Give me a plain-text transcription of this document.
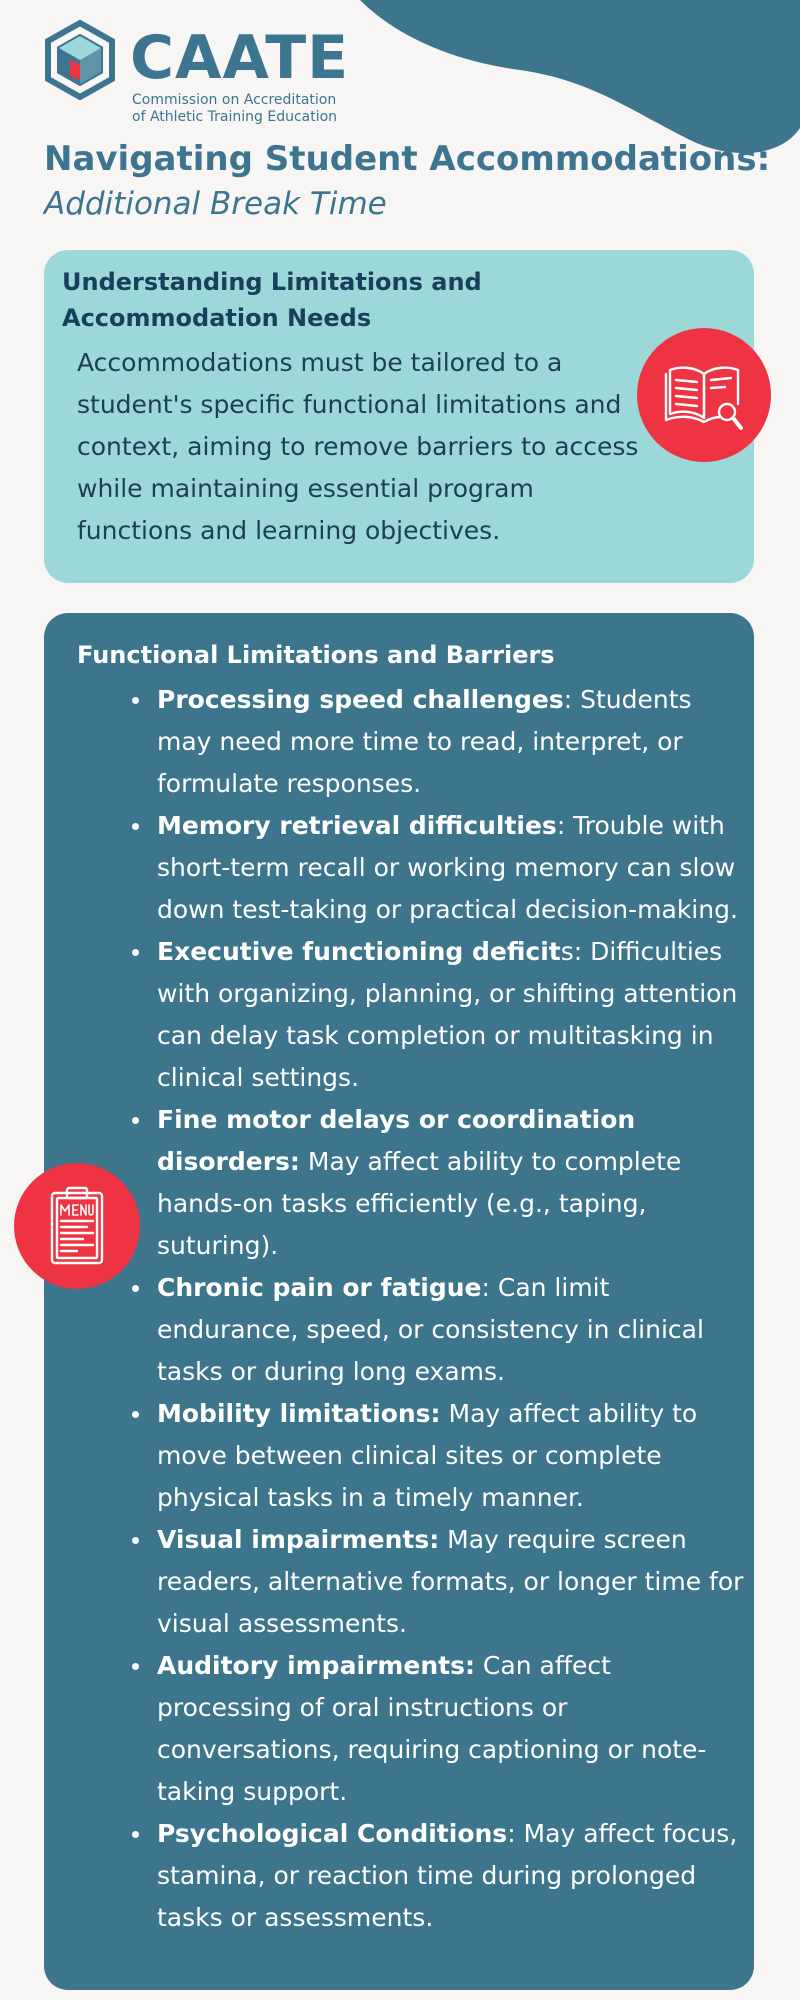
CAATE
Commission on Accreditation
of Athletic Training Education
Navigating Student Accommodations:
Additional Break Time
Understanding Limitations and Accommodation Needs

Accommodations must be tailored to a student's specific functional limitations and context, aiming to remove barriers to access while maintaining essential program functions and learning objectives.

Functional Limitations and Barriers
Processing speed challenges: Students may need more time to read, interpret, or formulate responses.
Memory retrieval difficulties: Trouble with short-term recall or working memory can slow down test-taking or practical decision-making.
Executive functioning deficits: Difficulties with organizing, planning, or shifting attention can delay task completion or multitasking in clinical settings.
Fine motor delays or coordination disorders: May affect ability to complete hands-on tasks efficiently (e.g., taping, suturing).
Chronic pain or fatigue: Can limit endurance, speed, or consistency in clinical tasks or during long exams.
Mobility limitations: May affect ability to move between clinical sites or complete physical tasks in a timely manner.
Visual impairments: May require screen readers, alternative formats, or longer time for visual assessments.
Auditory impairments: Can affect processing of oral instructions or conversations, requiring captioning or note-taking support.
Psychological Conditions: May affect focus, stamina, or reaction time during prolonged tasks or assessments.
